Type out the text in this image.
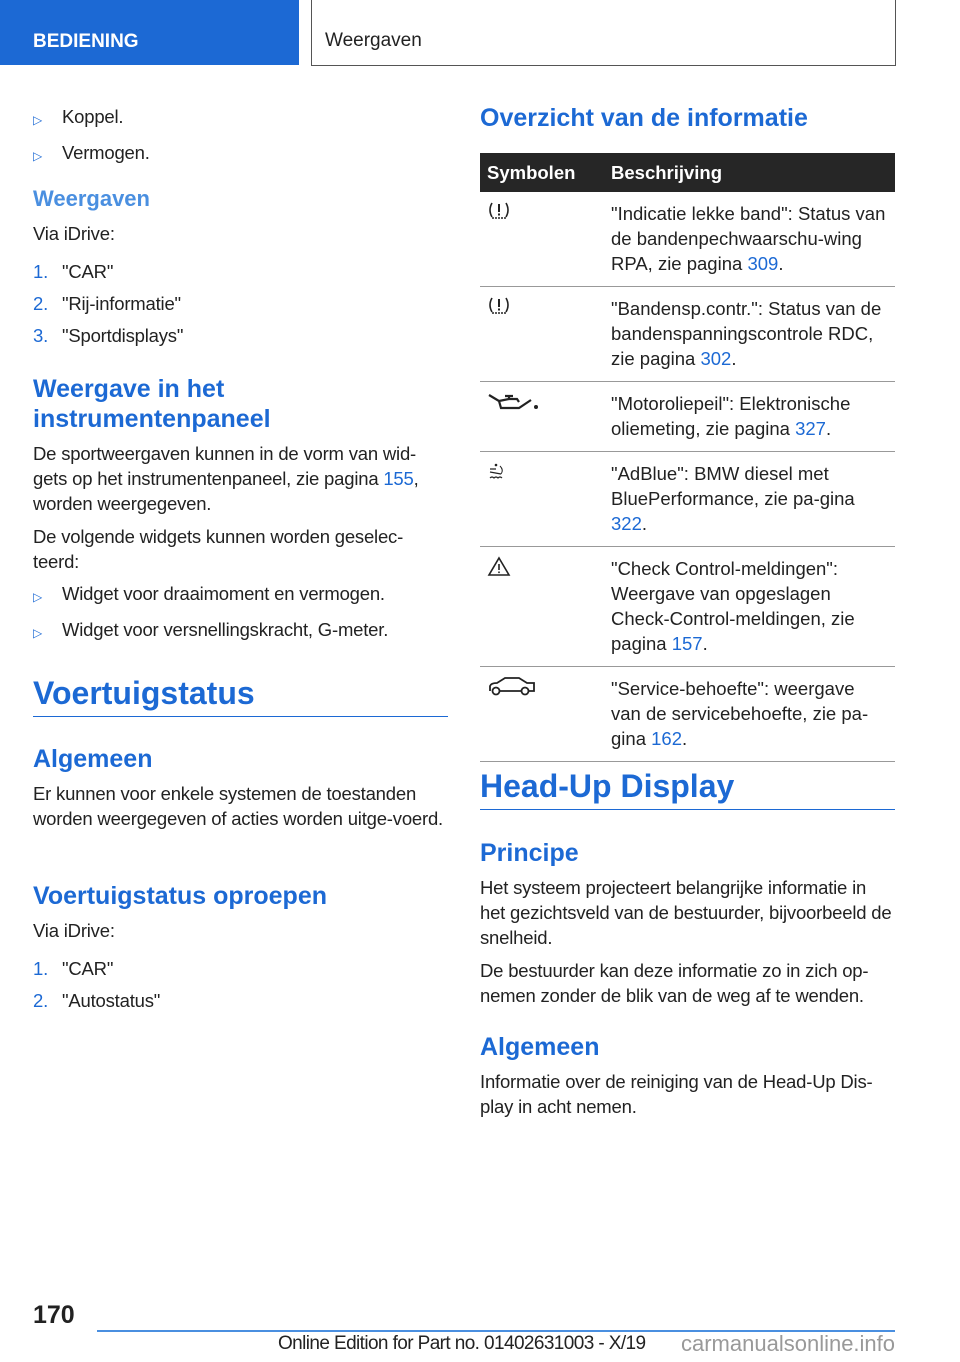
BEDIENING	Weergaven
▷	Koppel.
▷	Vermogen.
Weergaven
Via iDrive:
1. "CAR"
2. "Rij-informatie"
3. "Sportdisplays"
Weergave in het instrumentenpaneel

De sportweergaven kunnen in de vorm van wid-gets op het instrumentenpaneel, zie pagina 155, worden weergegeven.

De volgende widgets kunnen worden geselec-teerd:

▷	Widget voor draaimoment en vermogen.
▷	Widget voor versnellingskracht, G-meter.
Voertuigstatus
Algemeen
Er kunnen voor enkele systemen de toestanden worden weergegeven of acties worden uitge-voerd.
Voertuigstatus oproepen
Via iDrive:
1. "CAR"
2. "Autostatus"
Overzicht van de informatie
Symbolen	Beschrijving
	"Indicatie lekke band": Status van de bandenpechwaarschu-wing RPA, zie pagina 309.
	"Bandensp.contr.": Status van de bandenspanningscontrole RDC, zie pagina 302.
	"Motoroliepeil": Elektronische oliemeting, zie pagina 327.
	"AdBlue": BMW diesel met BluePerformance, zie pa-gina 322.
	"Check Control-meldingen": Weergave van opgeslagen Check-Control-meldingen, zie pagina 157.
	"Service-behoefte": weergave van de servicebehoefte, zie pa-gina 162.
Head-Up Display
Principe

Het systeem projecteert belangrijke informatie in het gezichtsveld van de bestuurder, bijvoorbeeld de snelheid.

De bestuurder kan deze informatie zo in zich op-nemen zonder de blik van de weg af te wenden.

Algemeen
Informatie over de reiniging van de Head-Up Dis-play in acht nemen.
170
Online Edition for Part no. 01402631003 - X/19 carmanualsonline.info
